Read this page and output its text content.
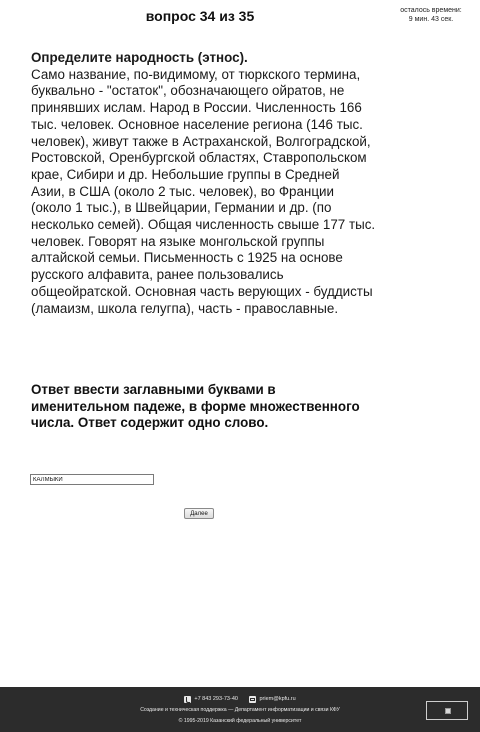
вопрос 34 из 35	осталось времени:
9 мин. 43 сек.
Определите народность (этнос).
Само название, по-видимому, от тюркского термина, буквально - "остаток", обозначающего ойратов, не принявших ислам. Народ в России. Численность 166 тыс. человек. Основное население региона (146 тыс. человек), живут также в Астраханской, Волгоградской, Ростовской, Оренбургской областях, Ставропольском крае, Сибири и др. Небольшие группы в Средней Азии, в США (около 2 тыс. человек), во Франции (около 1 тыс.), в Швейцарии, Германии и др. (по несколько семей). Общая численность свыше 177 тыс. человек. Говорят на языке монгольской группы алтайской семьи. Письменность с 1925 на основе русского алфавита, ранее пользовались общеойратской. Основная часть верующих - буддисты (ламаизм, школа гелугпа), часть - православные.
Ответ ввести заглавными буквами в именительном падеже, в форме множественного числа. Ответ содержит одно слово.
КАЛМЫКИ
Далее
+7 843 293-73-40
	priem@kpfu.ru
Создание и техническая поддержка — Департамент информатизации и связи КФУ
© 1995-2019 Казанский федеральный университет
